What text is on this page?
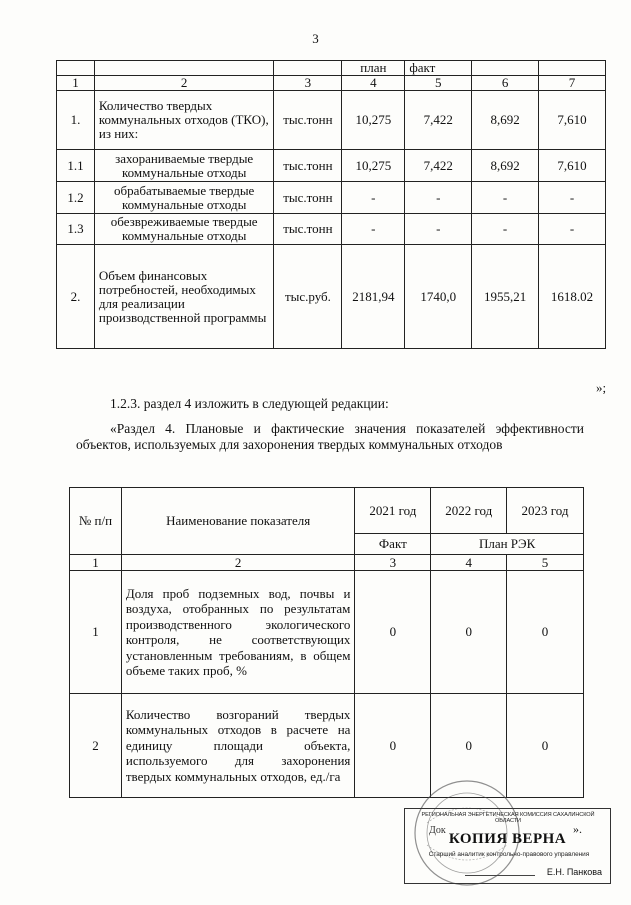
3
			план	факт		
1	2	3	4	5	6	7
1.	Количество твердых коммунальных отходов (ТКО), из них:	тыс.тонн	10,275	7,422	8,692	7,610
1.1	захораниваемые твердые коммунальные отходы	тыс.тонн	10,275	7,422	8,692	7,610
1.2	обрабатываемые твердые коммунальные отходы	тыс.тонн	-	-	-	-
1.3	обезвреживаемые твердые коммунальные отходы	тыс.тонн	-	-	-	-
2.	Объем финансовых потребностей, необходимых для реализации производственной программы	тыс.руб.	2181,94	1740,0	1955,21	1618.02
»;
1.2.3. раздел 4 изложить в следующей редакции:
«Раздел 4. Плановые и фактические значения показателей эффективности объектов, используемых для захоронения твердых коммунальных отходов
№ п/п	Наименование показателя	2021 год	2022 год	2023 год
		Факт	План РЭК	
1	2	3	4	5
1	Доля проб подземных вод, почвы и воздуха, отобранных по результатам производственного экологического контроля, не соответствующих установленным требованиям, в общем объеме таких проб, %	0	0	0
2	Количество возгораний твердых коммунальных отходов в расчете на единицу площади объекта, используемого для захоронения твердых коммунальных отходов, ед./га	0	0	0
РЕГИОНАЛЬНАЯ ЭНЕРГЕТИЧЕСКАЯ КОМИССИЯ САХАЛИНСКОЙ ОБЛАСТИ
Док
КОПИЯ ВЕРНА
Старший аналитик контрольно-правового управления
Е.Н. Панкова
».
